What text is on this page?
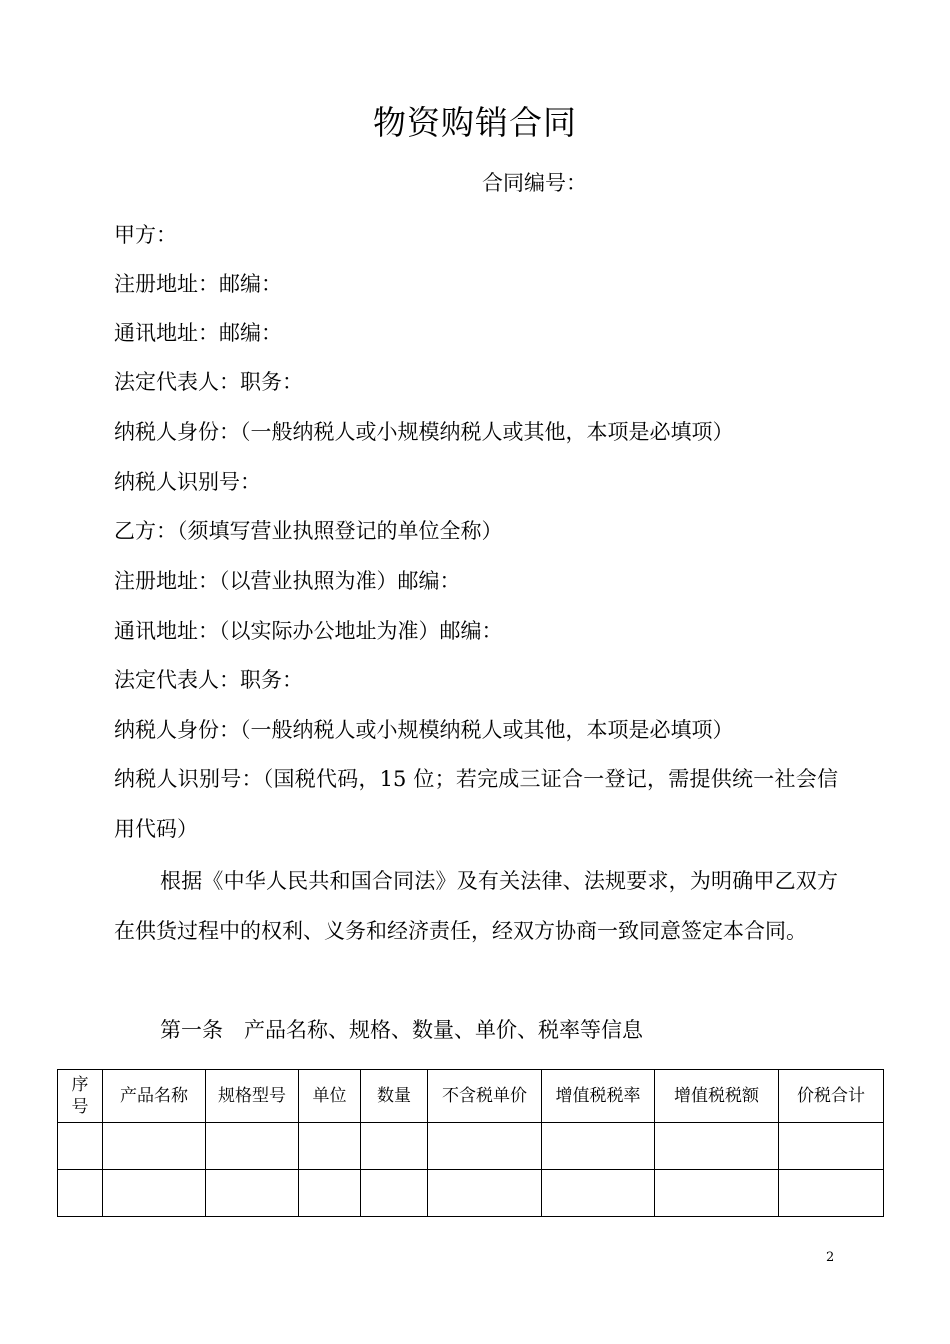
物资购销合同
合同编号：
甲方：
注册地址：邮编：
通讯地址：邮编：
法定代表人：职务：
纳税人身份：（一般纳税人或小规模纳税人或其他，本项是必填项）
纳税人识别号：
乙方：（须填写营业执照登记的单位全称）
注册地址：（以营业执照为准）邮编：
通讯地址：（以实际办公地址为准）邮编：
法定代表人：职务：
纳税人身份：（一般纳税人或小规模纳税人或其他，本项是必填项）
纳税人识别号：（国税代码，15 位；若完成三证合一登记，需提供统一社会信用代码）
根据《中华人民共和国合同法》及有关法律、法规要求，为明确甲乙双方在供货过程中的权利、义务和经济责任，经双方协商一致同意签定本合同。
第一条　产品名称、规格、数量、单价、税率等信息
序号	产品名称	规格型号	单位	数量	不含税单价	增值税税率	增值税税额	价税合计

2
